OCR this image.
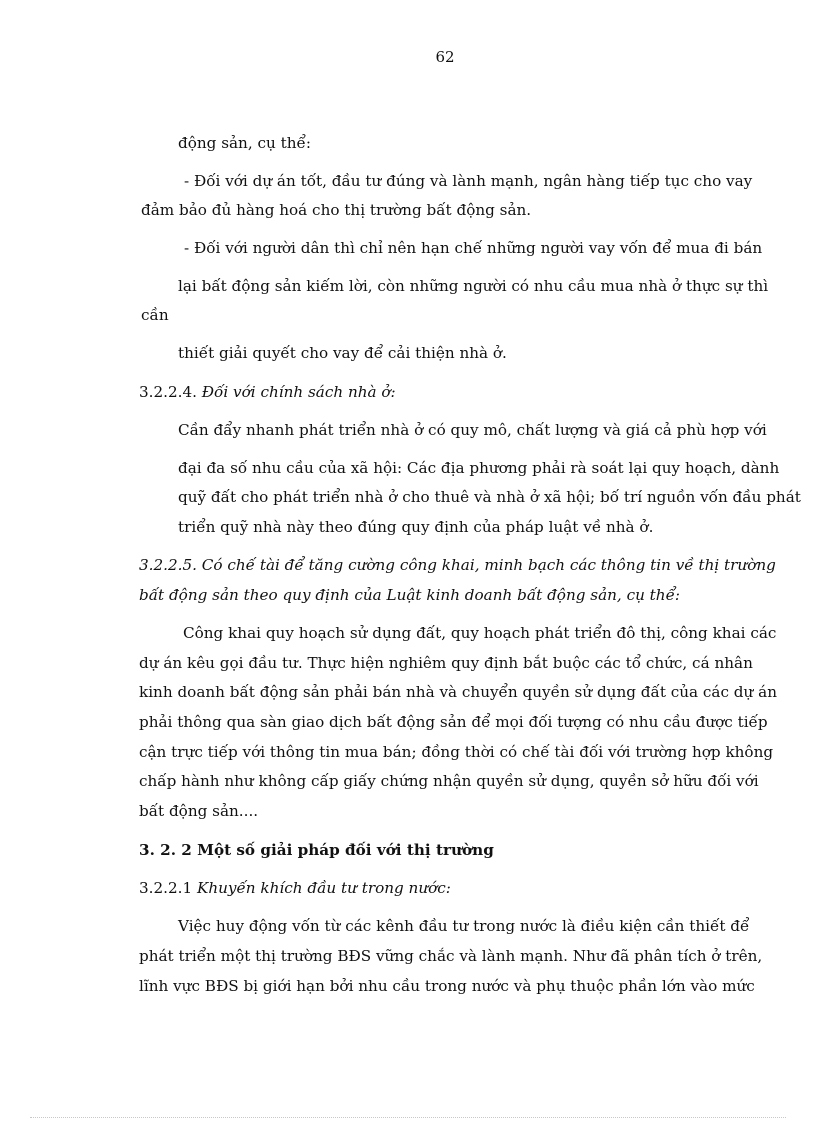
62

động sản, cụ thể:

- Đối với dự án tốt, đầu tư đúng và lành mạnh, ngân hàng tiếp tục cho vay

đảm bảo đủ hàng hoá cho thị trường bất động sản.

- Đối với người dân thì chỉ nên hạn chế những người vay vốn để mua đi bán

lại bất động sản kiếm lời, còn những người có nhu cầu mua nhà ở thực sự thì

cần

thiết giải quyết cho vay để cải thiện nhà ở.

3.2.2.4. Đối với chính sách nhà ở:

Cần đẩy nhanh phát triển nhà ở có quy mô, chất lượng và giá cả phù hợp với

đại đa số nhu cầu của xã hội: Các địa phương phải rà soát lại quy hoạch, dành

quỹ đất cho phát triển nhà ở cho thuê và nhà ở xã hội; bố trí nguồn vốn đầu phát

triển quỹ nhà này theo đúng quy định của pháp luật về nhà ở.

3.2.2.5. Có chế tài để tăng cường công khai, minh bạch các thông tin về thị trường

bất động sản theo quy định của Luật kinh doanh bất động sản, cụ thể:

Công khai quy hoạch sử dụng đất, quy hoạch phát triển đô thị, công khai các

dự án kêu gọi đầu tư. Thực hiện nghiêm quy định bắt buộc các tổ chức, cá nhân

kinh doanh bất động sản phải bán nhà và chuyển quyền sử dụng đất của các dự án

phải thông qua sàn giao dịch bất động sản để mọi đối tượng có nhu cầu được tiếp

cận trực tiếp với thông tin mua bán; đồng thời có chế tài đối với trường hợp không

chấp hành như không cấp giấy chứng nhận quyền sử dụng, quyền sở hữu đối với

bất động sản....

3. 2. 2 Một số giải pháp đối với thị trường

3.2.2.1 Khuyến khích đầu tư trong nước:

Việc huy động vốn từ các kênh đầu tư trong nước là điều kiện cần thiết để

phát triển một thị trường BĐS vững chắc và lành mạnh. Như đã phân tích ở trên,

lĩnh vực BĐS bị giới hạn bởi nhu cầu trong nước và phụ thuộc phần lớn vào mức
